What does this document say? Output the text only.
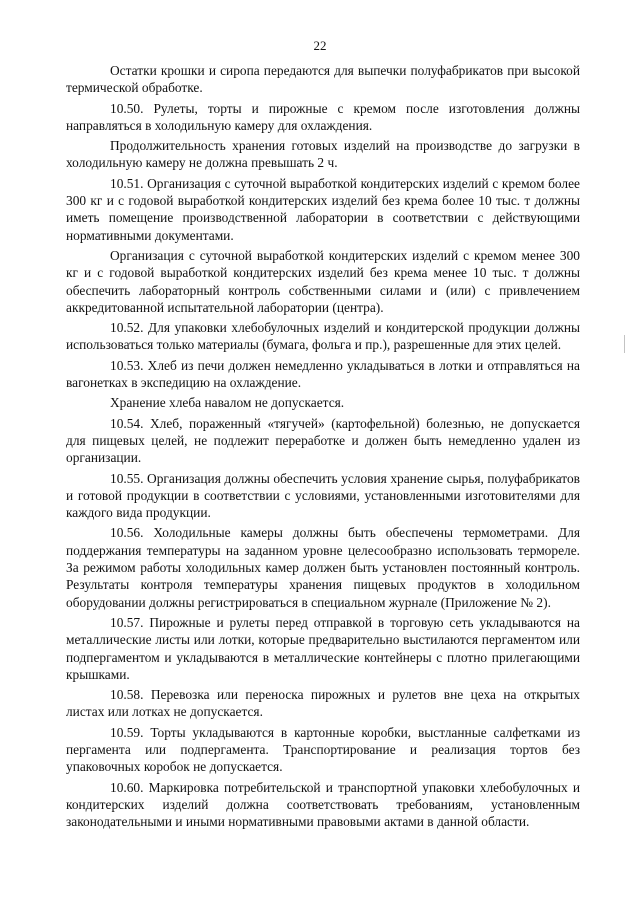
22

Остатки крошки и сиропа передаются для выпечки полуфабрикатов при высокой термической обработке.

10.50. Рулеты, торты и пирожные с кремом после изготовления должны направляться в холодильную камеру для охлаждения.

Продолжительность хранения готовых изделий на производстве до загрузки в холодильную камеру не должна превышать 2 ч.

10.51. Организация с суточной выработкой кондитерских изделий с кремом более 300 кг и с годовой выработкой кондитерских изделий без крема более 10 тыс. т должны иметь помещение производственной лаборатории в соответствии с действующими нормативными документами.

Организация с суточной выработкой кондитерских изделий с кремом менее 300 кг и с годовой выработкой кондитерских изделий без крема менее 10 тыс. т должны обеспечить лабораторный контроль собственными силами и (или) с привлечением аккредитованной испытательной лаборатории (центра).

10.52. Для упаковки хлебобулочных изделий и кондитерской продукции должны использоваться только материалы (бумага, фольга и пр.), разрешенные для этих целей.

10.53. Хлеб из печи должен немедленно укладываться в лотки и отправляться на вагонетках в экспедицию на охлаждение.

Хранение хлеба навалом не допускается.

10.54. Хлеб, пораженный «тягучей» (картофельной) болезнью, не допускается для пищевых целей, не подлежит переработке и должен быть немедленно удален из организации.

10.55. Организация должны обеспечить условия хранение сырья, полуфабрикатов и готовой продукции в соответствии с условиями, установленными изготовителями для каждого вида продукции.

10.56. Холодильные камеры должны быть обеспечены термометрами. Для поддержания температуры на заданном уровне целесообразно использовать термореле. За режимом работы холодильных камер должен быть установлен постоянный контроль. Результаты контроля температуры хранения пищевых продуктов в холодильном оборудовании должны регистрироваться в специальном журнале (Приложение № 2).

10.57. Пирожные и рулеты перед отправкой в торговую сеть укладываются на металлические листы или лотки, которые предварительно выстилаются пергаментом или подпергаментом и укладываются в металлические контейнеры с плотно прилегающими крышками.

10.58. Перевозка или переноска пирожных и рулетов вне цеха на открытых листах или лотках не допускается.

10.59. Торты укладываются в картонные коробки, выстланные салфетками из пергамента или подпергамента. Транспортирование и реализация тортов без упаковочных коробок не допускается.

10.60. Маркировка потребительской и транспортной упаковки хлебобулочных и кондитерских изделий должна соответствовать требованиям, установленным законодательными и иными нормативными правовыми актами в данной области.
